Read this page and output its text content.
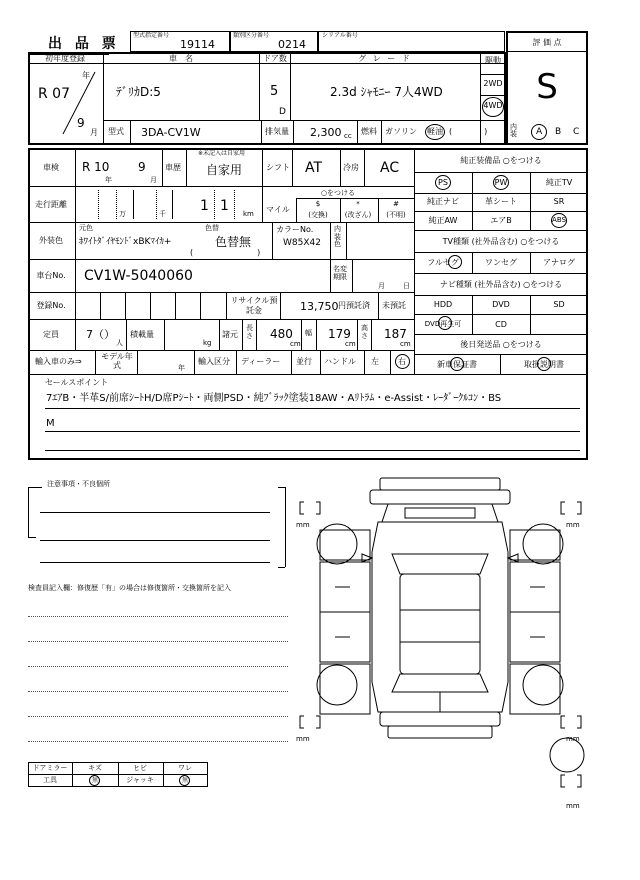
出 品 票
型式指定番号
19114
類別区分番号
0214
シリアル番号
評 価 点
S
初年度登録
R 07
年
9
月
車　名
ﾃﾞﾘｶD:5
ドア数
5
D
グ レ ー ド
2.3d ｼｬﾓﾆｰ 7人4WD
駆動
2WD
4WD
型式 3DA-CV1W	排気量 2,300 cc 燃料 ガソリン 軽油 (　　　　)	内装	A B C
車検 R 10
年
9
月
車歴
※未記入は自家用
自家用	シフト AT	冷房 AC
走行距離
万	千 1 1 km
○をつける
マイル
$
(交換)
*
(改ざん)
#
(不明)
外装色
元色
ﾎﾜｲﾄﾀﾞｲﾔﾓﾝﾄﾞxBKﾏｲｶ+
色替
色替無
(　　　　　　　　)
カラーNo.
W85X42
内装色
車台No. CV1W-5040060	名変期限
月	日
登録No.
リサイクル預託金	13,750 円預託済 未預託
定員 7（）
人
積載量
kg
諸元
長さ 480
cm
幅 179
cm
高さ 187
cm
輸入車のみ⇒
モデル年式	年
輸入区分 ディーラー 並行 ハンドル 左 右
純正装備品 ○をつける
PS	PW	純正TV
純正ナビ	革シート	SR
純正AW	エアB	ABS
TV種類 (社外品含む) ○をつける
フルセグ	ワンセグ	アナログ
ナビ種類 (社外品含む) ○をつける
HDD	DVD	SD
DVD再生可	CD
後日発送品 ○をつける
新車保証書	取扱説明書
セールスポイント
7ｴｱB・半革S/前席ｼｰﾄH/D席Pｼｰﾄ・両側PSD・純ﾌﾞﾗｯｸ塗装18AW・Aﾘﾄﾗﾑ・e-Assist・ﾚｰﾀﾞｰｸﾙｺﾝ・BS
M
注意事項・不良個所
検査員記入欄：修復歴「有」の場合は修復箇所・交換箇所を記入
ドアミラー	キズ	ヒビ	ワレ
工具	無	ジャッキ	無
mm	mm
mm	mm
mm
